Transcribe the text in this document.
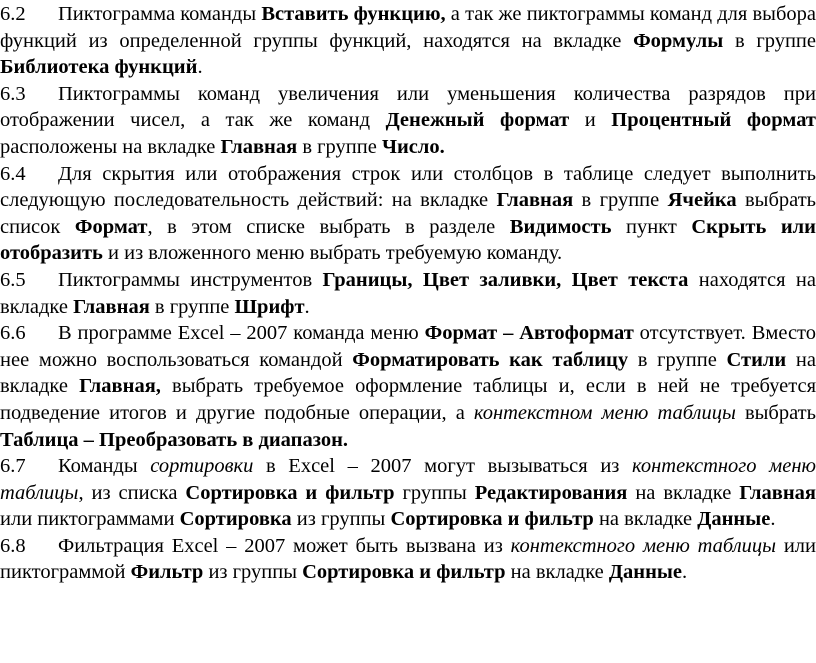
6.2 Пиктограмма команды Вставить функцию, а так же пиктограммы команд для выбора функций из определенной группы функций, находятся на вкладке Формулы в группе Библиотека функций.

6.3 Пиктограммы команд увеличения или уменьшения количества разрядов при отображении чисел, а так же команд Денежный формат и Процентный формат расположены на вкладке Главная в группе Число.

6.4 Для скрытия или отображения строк или столбцов в таблице следует выполнить следующую последовательность действий: на вкладке Главная в группе Ячейка выбрать список Формат, в этом списке выбрать в разделе Видимость пункт Скрыть или отобразить и из вложенного меню выбрать требуемую команду.

6.5 Пиктограммы инструментов Границы, Цвет заливки, Цвет текста находятся на вкладке Главная в группе Шрифт.

6.6 В программе Excel – 2007 команда меню Формат – Автоформат отсутствует. Вместо нее можно воспользоваться командой Форматировать как таблицу в группе Стили на вкладке Главная, выбрать требуемое оформление таблицы и, если в ней не требуется подведение итогов и другие подобные операции, а контекстном меню таблицы выбрать Таблица – Преобразовать в диапазон.

6.7 Команды сортировки в Excel – 2007 могут вызываться из контекстного меню таблицы, из списка Сортировка и фильтр группы Редактирования на вкладке Главная или пиктограммами Сортировка из группы Сортировка и фильтр на вкладке Данные.

6.8 Фильтрация Excel – 2007 может быть вызвана из контекстного меню таблицы или пиктограммой Фильтр из группы Сортировка и фильтр на вкладке Данные.
